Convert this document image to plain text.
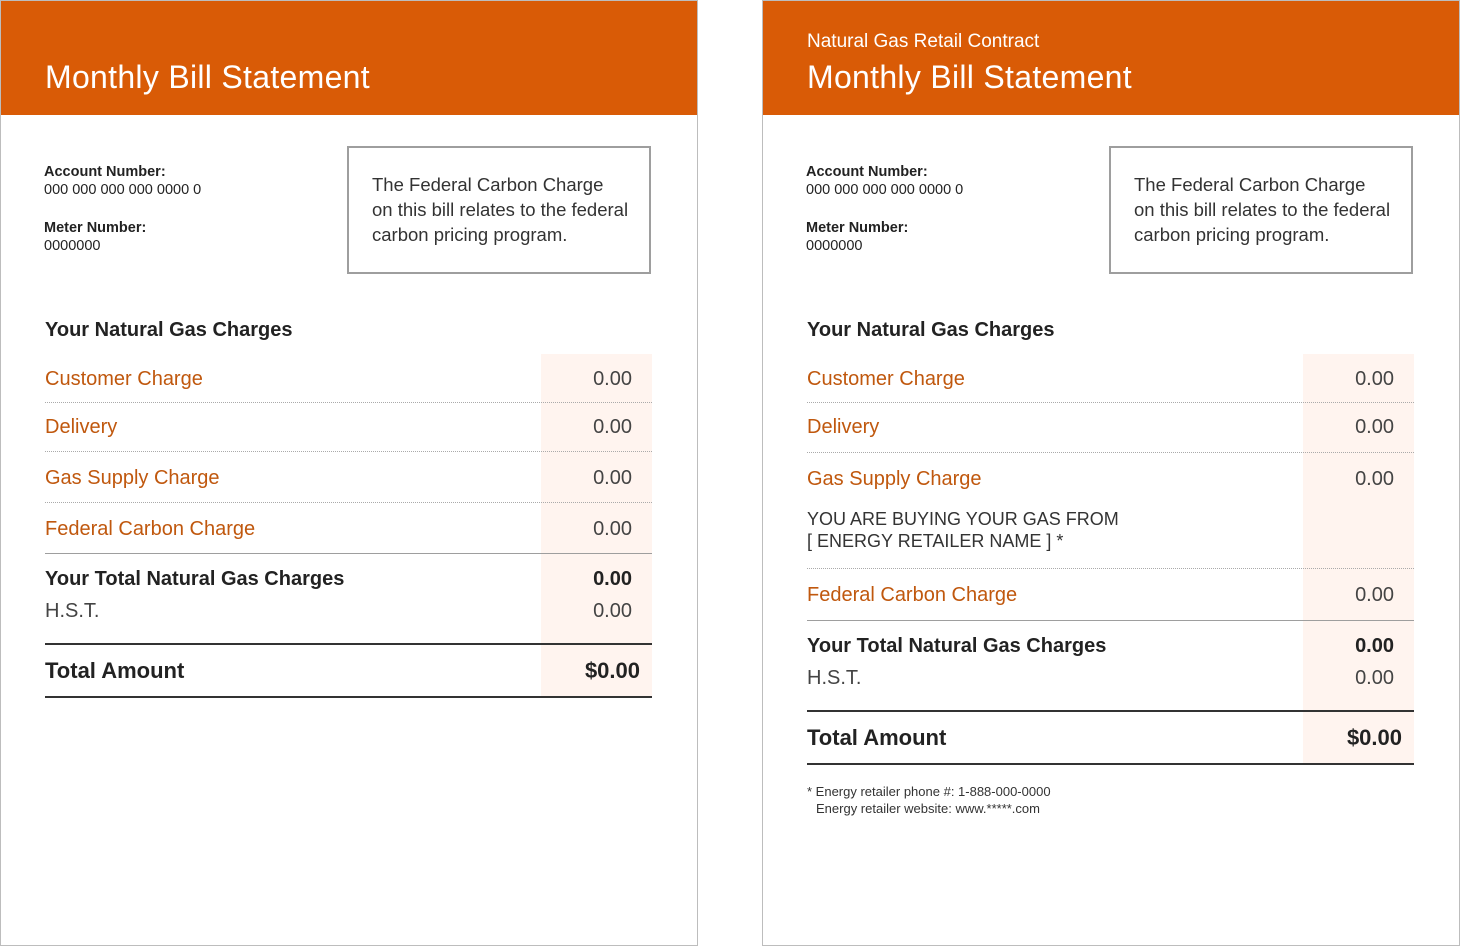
Monthly Bill Statement
Account Number:
000 000 000 000 0000 0
Meter Number:
0000000
The Federal Carbon Charge on this bill relates to the federal carbon pricing program.
Your Natural Gas Charges
Customer Charge	0.00
Delivery	0.00
Gas Supply Charge	0.00
Federal Carbon Charge	0.00
Your Total Natural Gas Charges	0.00
H.S.T.	0.00
Total Amount	$0.00
Natural Gas Retail Contract
Monthly Bill Statement
Account Number:
000 000 000 000 0000 0
Meter Number:
0000000
The Federal Carbon Charge on this bill relates to the federal carbon pricing program.
Your Natural Gas Charges
Customer Charge	0.00
Delivery	0.00
Gas Supply Charge	0.00
YOU ARE BUYING YOUR GAS FROM
[ ENERGY RETAILER NAME ] *
Federal Carbon Charge	0.00
Your Total Natural Gas Charges	0.00
H.S.T.	0.00
Total Amount	$0.00
* Energy retailer phone #: 1-888-000-0000
Energy retailer website: www.*****.com
